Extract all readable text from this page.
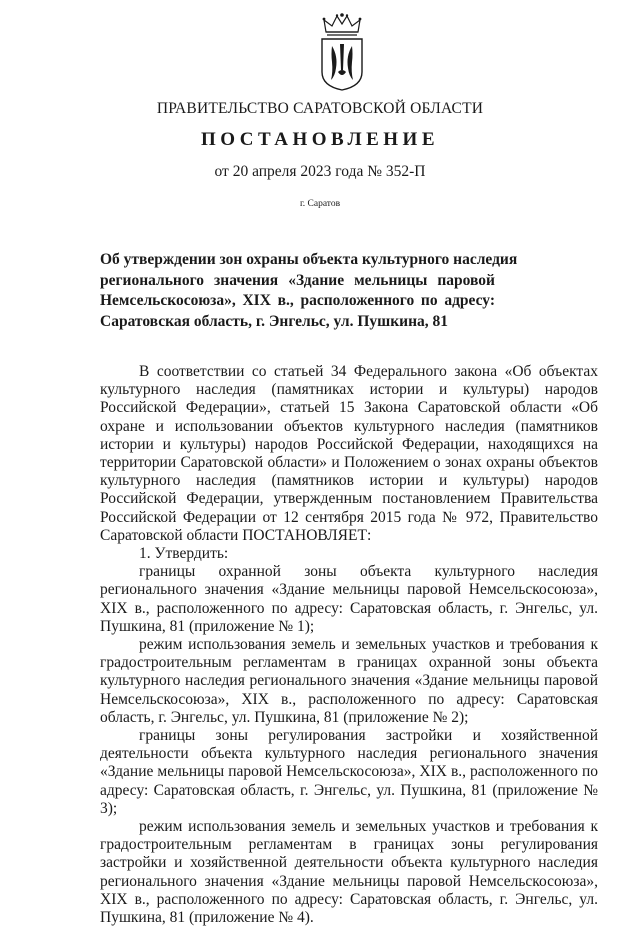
ПРАВИТЕЛЬСТВО САРАТОВСКОЙ ОБЛАСТИ
ПОСТАНОВЛЕНИЕ
от 20 апреля 2023 года № 352-П
г. Саратов
Об утверждении зон охраны объекта культурного наследия
регионального значения «Здание мельницы паровой
Немсельскосоюза», XIX в., расположенного по адресу:
Саратовская область, г. Энгельс, ул. Пушкина, 81

В соответствии со статьей 34 Федерального закона «Об объектах культурного наследия (памятниках истории и культуры) народов Российской Федерации», статьей 15 Закона Саратовской области «Об охране и использовании объектов культурного наследия (памятников истории и культуры) народов Российской Федерации, находящихся на территории Саратовской области» и Положением о зонах охраны объектов культурного наследия (памятников истории и культуры) народов Российской Федерации, утвержденным постановлением Правительства Российской Федерации от 12 сентября 2015 года № 972, Правительство Саратовской области ПОСТАНОВЛЯЕТ:

1. Утвердить:

границы охранной зоны объекта культурного наследия регионального значения «Здание мельницы паровой Немсельскосоюза», XIX в., расположенного по адресу: Саратовская область, г. Энгельс, ул. Пушкина, 81 (приложение № 1);

режим использования земель и земельных участков и требования к градостроительным регламентам в границах охранной зоны объекта культурного наследия регионального значения «Здание мельницы паровой Немсельскосоюза», XIX в., расположенного по адресу: Саратовская область, г. Энгельс, ул. Пушкина, 81 (приложение № 2);

границы зоны регулирования застройки и хозяйственной деятельности объекта культурного наследия регионального значения «Здание мельницы паровой Немсельскосоюза», XIX в., расположенного по адресу: Саратовская область, г. Энгельс, ул. Пушкина, 81 (приложение № 3);

режим использования земель и земельных участков и требования к градостроительным регламентам в границах зоны регулирования застройки и хозяйственной деятельности объекта культурного наследия регионального значения «Здание мельницы паровой Немсельскосоюза», XIX в., расположенного по адресу: Саратовская область, г. Энгельс, ул. Пушкина, 81 (приложение № 4).
